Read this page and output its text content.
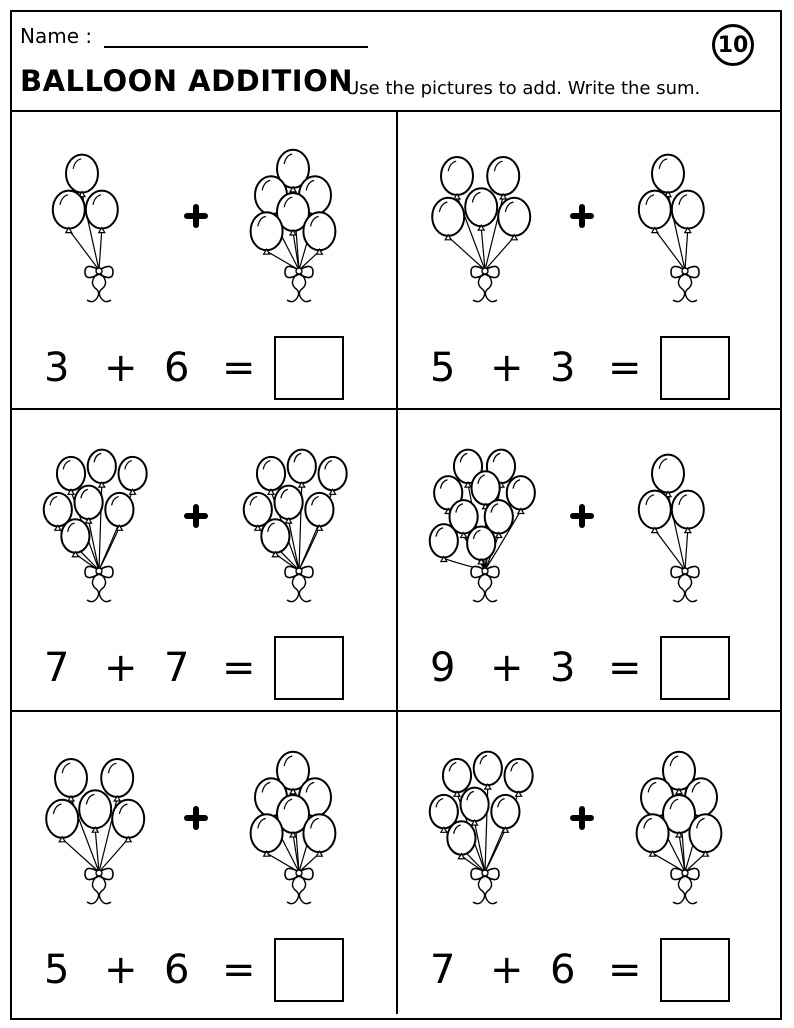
Name :	10
BALLOON ADDITION
Use the pictures to add. Write the sum.
3 + 6 =	5 + 3 =
7 + 7 =	9 + 3 =
5 + 6 =	7 + 6 =
